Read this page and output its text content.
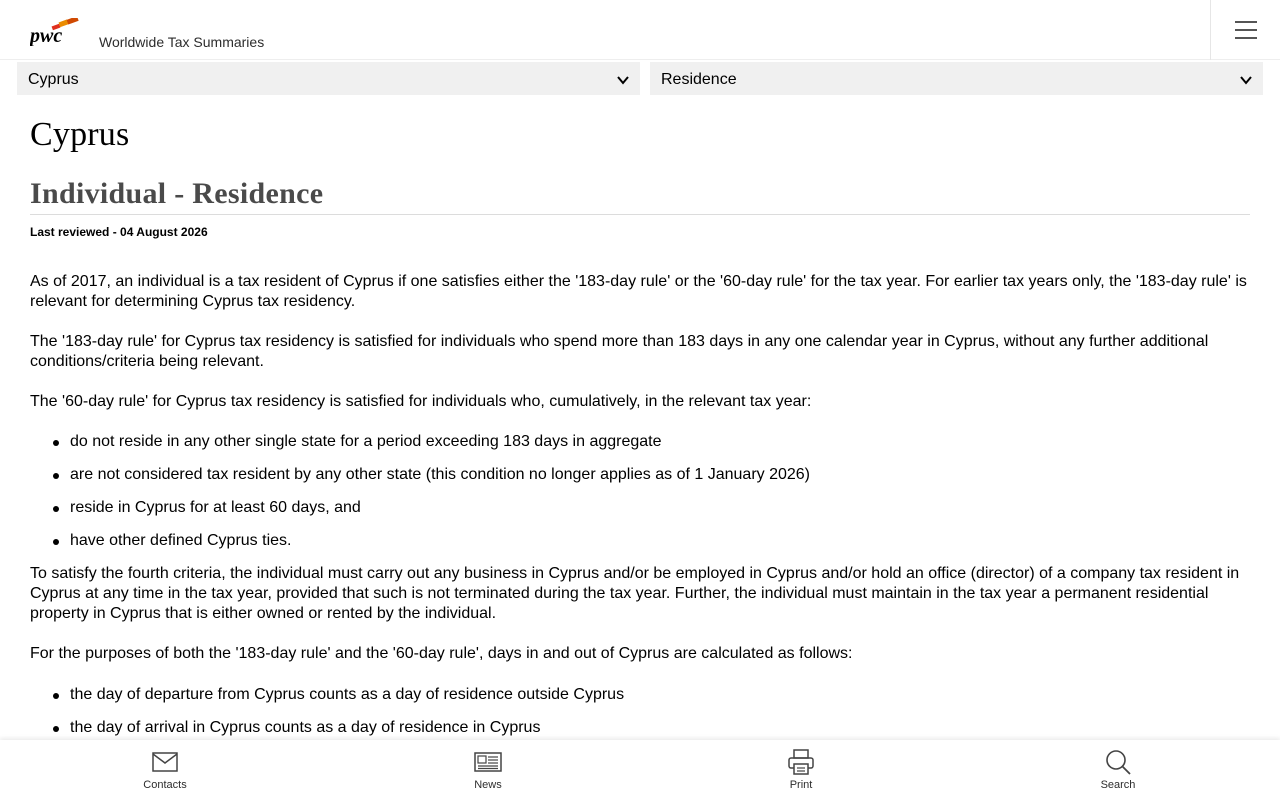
pwc	Worldwide Tax Summaries
Cyprus	Residence
Cyprus
Individual - Residence
Last reviewed - 04 August 2026

As of 2017, an individual is a tax resident of Cyprus if one satisfies either the '183-day rule' or the '60-day rule' for the tax year. For earlier tax years only, the '183-day rule' is relevant for determining Cyprus tax residency.

The '183-day rule' for Cyprus tax residency is satisfied for individuals who spend more than 183 days in any one calendar year in Cyprus, without any further additional conditions/criteria being relevant.

The '60-day rule' for Cyprus tax residency is satisfied for individuals who, cumulatively, in the relevant tax year:

do not reside in any other single state for a period exceeding 183 days in aggregate
are not considered tax resident by any other state (this condition no longer applies as of 1 January 2026)
reside in Cyprus for at least 60 days, and
have other defined Cyprus ties.

To satisfy the fourth criteria, the individual must carry out any business in Cyprus and/or be employed in Cyprus and/or hold an office (director) of a company tax resident in Cyprus at any time in the tax year, provided that such is not terminated during the tax year. Further, the individual must maintain in the tax year a permanent residential property in Cyprus that is either owned or rented by the individual.

For the purposes of both the '183-day rule' and the '60-day rule', days in and out of Cyprus are calculated as follows:

the day of departure from Cyprus counts as a day of residence outside Cyprus
the day of arrival in Cyprus counts as a day of residence in Cyprus
Contacts	News	Print	Search
